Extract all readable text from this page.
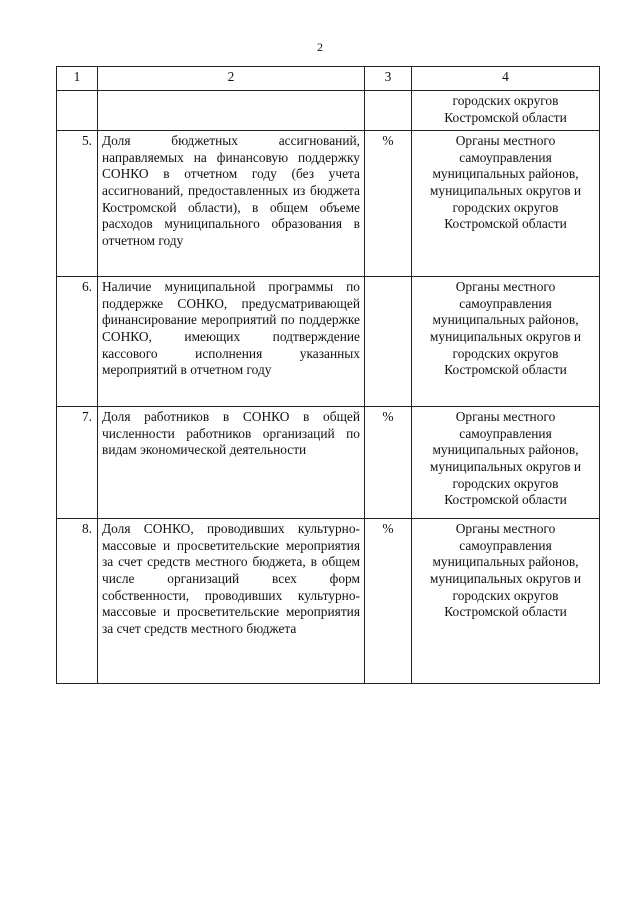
2
1	2	3	4
			городских округов Костромской области
5.	Доля бюджетных ассигнований, направляемых на финансовую поддержку СОНКО в отчетном году (без учета ассигнований, предоставленных из бюджета Костромской области), в общем объеме расходов муниципального образования в отчетном году	%	Органы местного самоуправления муниципальных районов, муниципальных округов и городских округов Костромской области
6.	Наличие муниципальной программы по поддержке СОНКО, предусматривающей финансирование мероприятий по поддержке СОНКО, имеющих подтверждение кассового исполнения указанных мероприятий в отчетном году		Органы местного самоуправления муниципальных районов, муниципальных округов и городских округов Костромской области
7.	Доля работников в СОНКО в общей численности работников организаций по видам экономической деятельности	%	Органы местного самоуправления муниципальных районов, муниципальных округов и городских округов Костромской области
8.	Доля СОНКО, проводивших культурно-массовые и просветительские мероприятия за счет средств местного бюджета, в общем числе организаций всех форм собственности, проводивших культурно-массовые и просветительские мероприятия за счет средств местного бюджета	%	Органы местного самоуправления муниципальных районов, муниципальных округов и городских округов Костромской области
